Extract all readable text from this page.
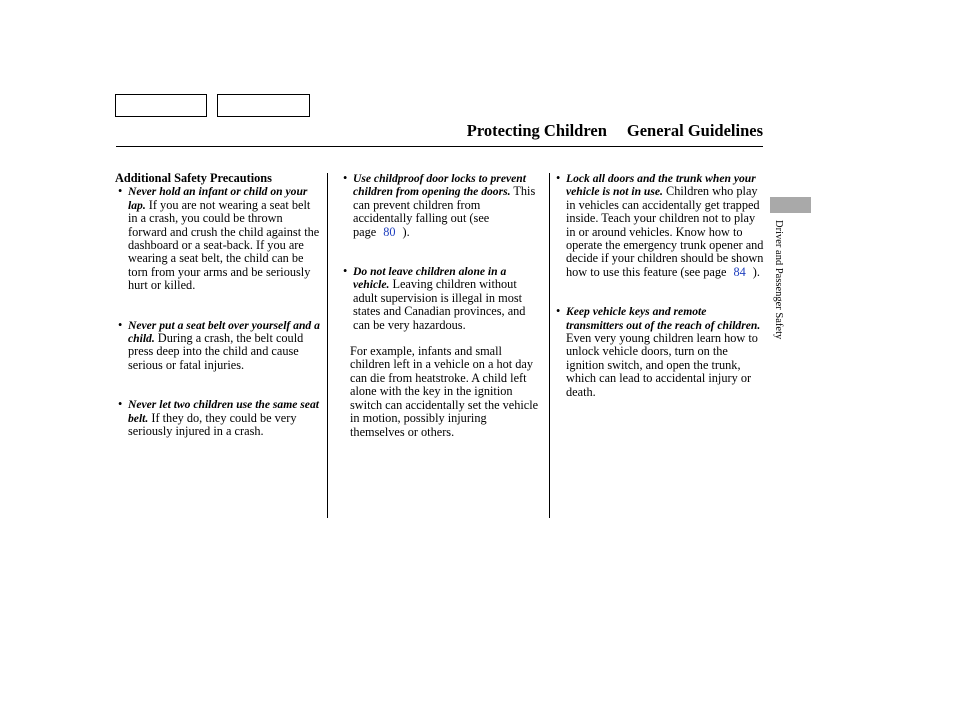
Protecting Children General Guidelines
Additional Safety Precautions
• Never hold an infant or child on your lap. If you are not wearing a seat belt in a crash, you could be thrown forward and crush the child against the dashboard or a seat-back. If you are wearing a seat belt, the child can be torn from your arms and be seriously hurt or killed.
• Never put a seat belt over yourself and a child. During a crash, the belt could press deep into the child and cause serious or fatal injuries.
• Never let two children use the same seat belt. If they do, they could be very seriously injured in a crash.
• Use childproof door locks to prevent children from opening the doors. This can prevent children from accidentally falling out (see page 80 ).
• Do not leave children alone in a vehicle. Leaving children without adult supervision is illegal in most states and Canadian provinces, and can be very hazardous.
For example, infants and small children left in a vehicle on a hot day can die from heatstroke. A child left alone with the key in the ignition switch can accidentally set the vehicle in motion, possibly injuring themselves or others.
• Lock all doors and the trunk when your vehicle is not in use. Children who play in vehicles can accidentally get trapped inside. Teach your children not to play in or around vehicles. Know how to operate the emergency trunk opener and decide if your children should be shown how to use this feature (see page 84 ).
• Keep vehicle keys and remote transmitters out of the reach of children. Even very young children learn how to unlock vehicle doors, turn on the ignition switch, and open the trunk, which can lead to accidental injury or death.
Driver and Passenger Safety
